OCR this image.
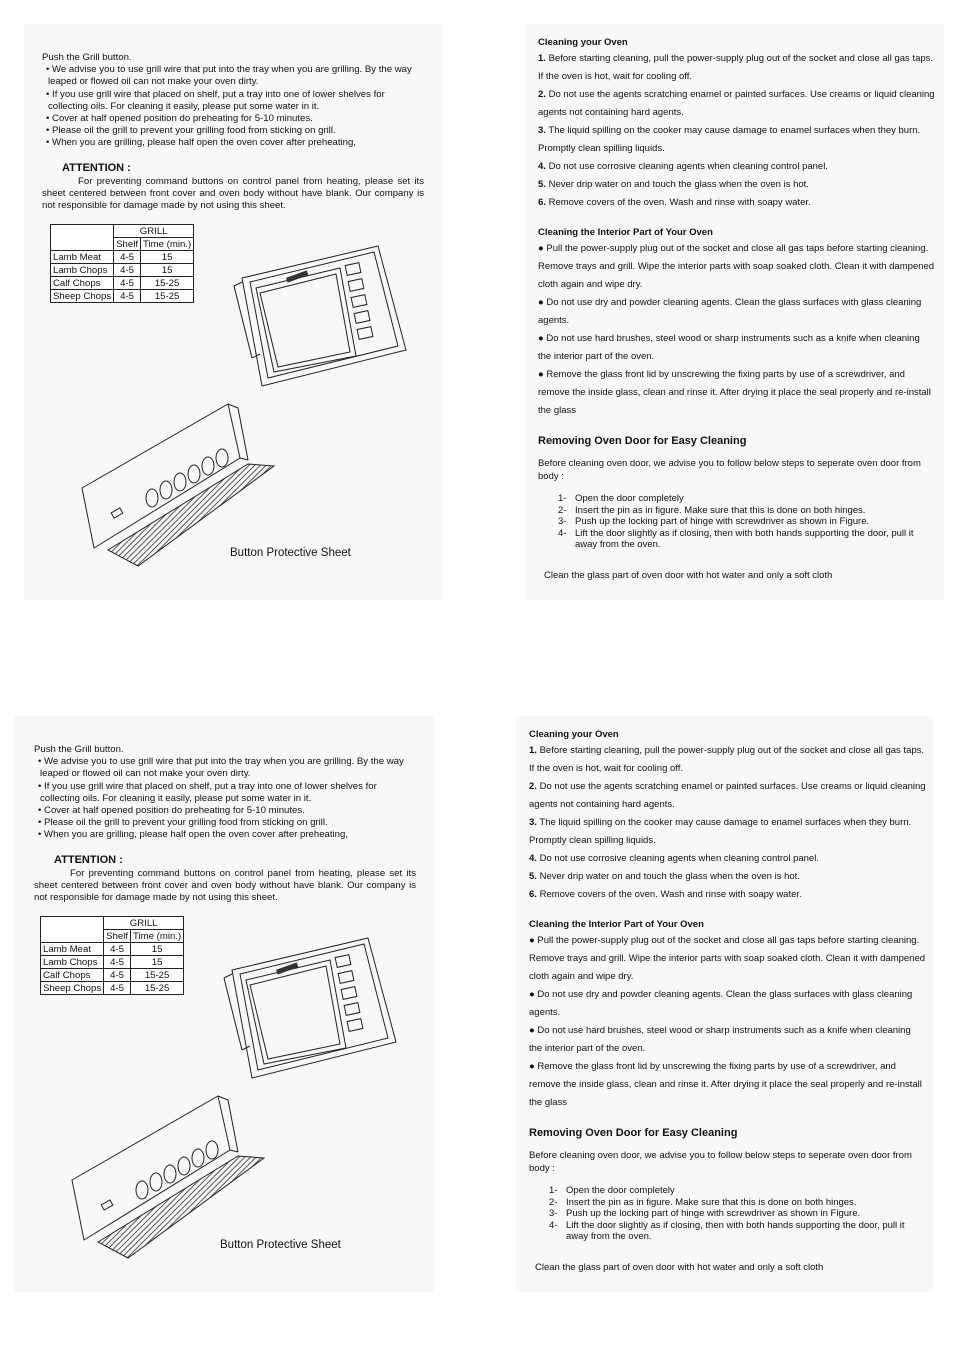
Push the Grill button.

• We advise you to use grill wire that put into the tray when you are grilling. By the way leaped or flowed oil can not make your oven dirty.

• If you use grill wire that placed on shelf, put a tray into one of lower shelves for collecting oils. For cleaning it easily, please put some water in it.

• Cover at half opened position do preheating for 5-10 minutes.

• Please oil the grill to prevent your grilling food from sticking on grill.

• When you are grilling, please half open the oven cover after preheating,

ATTENTION :

For preventing command buttons on control panel from heating, please set its sheet centered between front cover and oven body without have blank. Our company is not responsible for damage made by not using this sheet.

	GRILL	
	Shelf	Time (min.)
Lamb Meat	4-5	15
Lamb Chops	4-5	15
Calf Chops	4-5	15-25
Sheep Chops	4-5	15-25
Button Protective Sheet
Cleaning your Oven

1. Before starting cleaning, pull the power-supply plug out of the socket and close all gas taps. If the oven is hot, wait for cooling off.

2. Do not use the agents scratching enamel or painted surfaces. Use creams or liquid cleaning agents not containing hard agents.

3. The liquid spilling on the cooker may cause damage to enamel surfaces when they burn. Promptly clean spilling liquids.

4. Do not use corrosive cleaning agents when cleaning control panel.

5. Never drip water on and touch the glass when the oven is hot.

6. Remove covers of the oven. Wash and rinse with soapy water.

Cleaning the Interior Part of Your Oven

● Pull the power-supply plug out of the socket and close all gas taps before starting cleaning. Remove trays and grill. Wipe the interior parts with soap soaked cloth. Clean it with dampened cloth again and wipe dry.

● Do not use dry and powder cleaning agents. Clean the glass surfaces with glass cleaning agents.

● Do not use hard brushes, steel wood or sharp instruments such as a knife when cleaning the interior part of the oven.

● Remove the glass front lid by unscrewing the fixing parts by use of a screwdriver, and remove the inside glass, clean and rinse it. After drying it place the seal properly and re-install the glass

Removing Oven Door for Easy Cleaning

Before cleaning oven door, we advise you to follow below steps to seperate oven door from body :

1- Open the door completely
2- Insert the pin as in figure. Make sure that this is done on both hinges.
3- Push up the locking part of hinge with screwdriver as shown in Figure.
4- Lift the door slightly as if closing, then with both hands supporting the door, pull it away from the oven.

Clean the glass part of oven door with hot water and only a soft cloth

Push the Grill button.

• We advise you to use grill wire that put into the tray when you are grilling. By the way leaped or flowed oil can not make your oven dirty.

• If you use grill wire that placed on shelf, put a tray into one of lower shelves for collecting oils. For cleaning it easily, please put some water in it.

• Cover at half opened position do preheating for 5-10 minutes.

• Please oil the grill to prevent your grilling food from sticking on grill.

• When you are grilling, please half open the oven cover after preheating,

ATTENTION :

For preventing command buttons on control panel from heating, please set its sheet centered between front cover and oven body without have blank. Our company is not responsible for damage made by not using this sheet.

	GRILL	
	Shelf	Time (min.)
Lamb Meat	4-5	15
Lamb Chops	4-5	15
Calf Chops	4-5	15-25
Sheep Chops	4-5	15-25
Button Protective Sheet
Cleaning your Oven

1. Before starting cleaning, pull the power-supply plug out of the socket and close all gas taps. If the oven is hot, wait for cooling off.

2. Do not use the agents scratching enamel or painted surfaces. Use creams or liquid cleaning agents not containing hard agents.

3. The liquid spilling on the cooker may cause damage to enamel surfaces when they burn. Promptly clean spilling liquids.

4. Do not use corrosive cleaning agents when cleaning control panel.

5. Never drip water on and touch the glass when the oven is hot.

6. Remove covers of the oven. Wash and rinse with soapy water.

Cleaning the Interior Part of Your Oven

● Pull the power-supply plug out of the socket and close all gas taps before starting cleaning. Remove trays and grill. Wipe the interior parts with soap soaked cloth. Clean it with dampened cloth again and wipe dry.

● Do not use dry and powder cleaning agents. Clean the glass surfaces with glass cleaning agents.

● Do not use hard brushes, steel wood or sharp instruments such as a knife when cleaning the interior part of the oven.

● Remove the glass front lid by unscrewing the fixing parts by use of a screwdriver, and remove the inside glass, clean and rinse it. After drying it place the seal properly and re-install the glass

Removing Oven Door for Easy Cleaning

Before cleaning oven door, we advise you to follow below steps to seperate oven door from body :

1- Open the door completely
2- Insert the pin as in figure. Make sure that this is done on both hinges.
3- Push up the locking part of hinge with screwdriver as shown in Figure.
4- Lift the door slightly as if closing, then with both hands supporting the door, pull it away from the oven.

Clean the glass part of oven door with hot water and only a soft cloth
